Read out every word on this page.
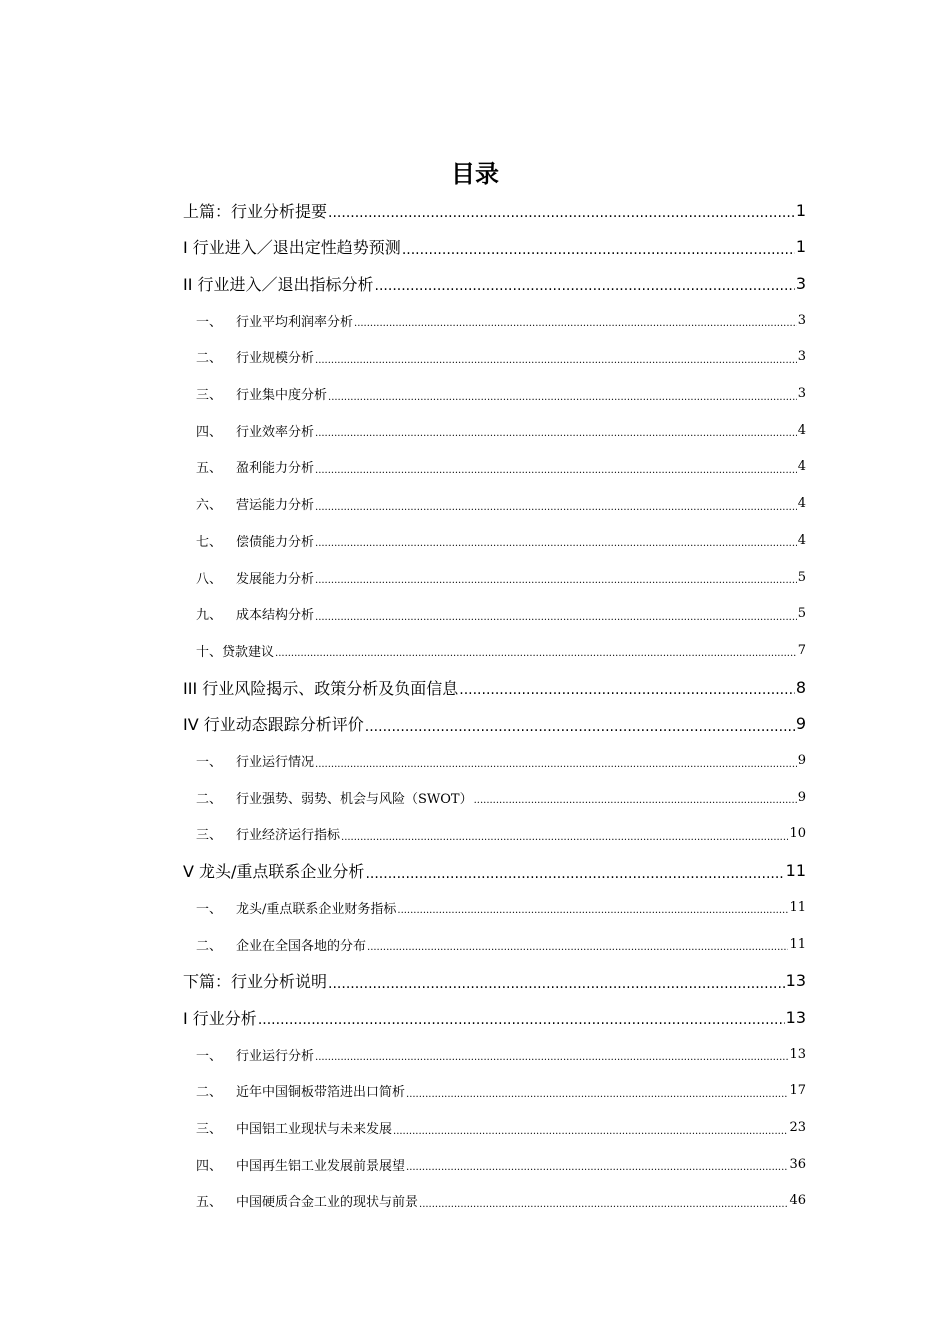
目录
上篇：行业分析提要 .....	1
I 行业进入／退出定性趋势预测 .....	1
II 行业进入／退出指标分析 .....	3
一、	行业平均利润率分析 .....	3
二、	行业规模分析 .....	3
三、	行业集中度分析 .....	3
四、	行业效率分析 .....	4
五、	盈利能力分析 .....	4
六、	营运能力分析 .....	4
七、	偿债能力分析 .....	4
八、	发展能力分析 .....	5
九、	成本结构分析 .....	5
十、 贷款建议 .....	7
III 行业风险揭示、政策分析及负面信息 .....	8
IV 行业动态跟踪分析评价 .....	9
一、	行业运行情况 .....	9
二、	行业强势、弱势、机会与风险（SWOT） .....	9
三、	行业经济运行指标 .....	10
V 龙头/重点联系企业分析 .....	11
一、	龙头/重点联系企业财务指标 .....	11
二、	企业在全国各地的分布 .....	11
下篇：行业分析说明 .....	13
I 行业分析 .....	13
一、	行业运行分析 .....	13
二、	近年中国铜板带箔进出口简析 .....	17
三、	中国铝工业现状与未来发展 .....	23
四、	中国再生铝工业发展前景展望 .....	36
五、	中国硬质合金工业的现状与前景 .....	46
